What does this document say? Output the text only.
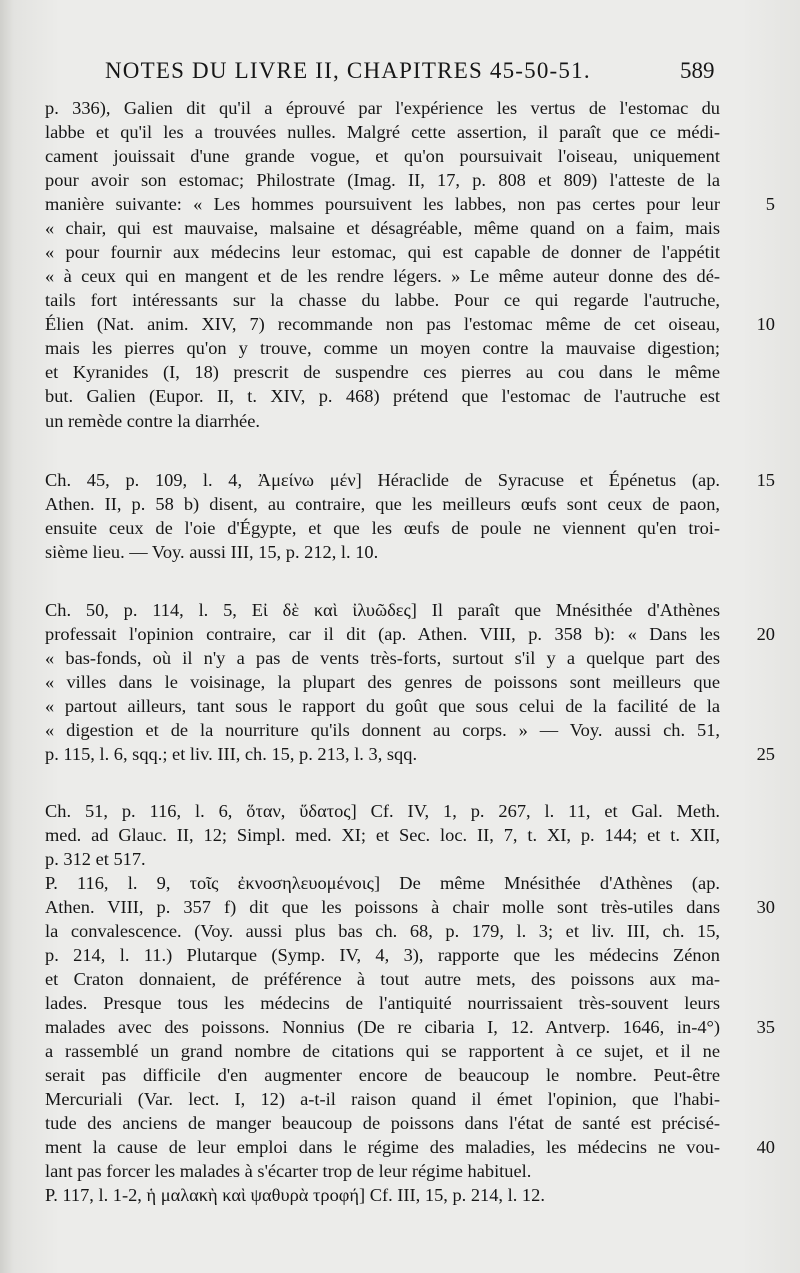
NOTES DU LIVRE II, CHAPITRES 45-50-51.	589
p. 336), Galien dit qu'il a éprouvé par l'expérience les vertus de l'estomac du
labbe et qu'il les a trouvées nulles. Malgré cette assertion, il paraît que ce médi-
cament jouissait d'une grande vogue, et qu'on poursuivait l'oiseau, uniquement
pour avoir son estomac; Philostrate (Imag. II, 17, p. 808 et 809) l'atteste de la
manière suivante: « Les hommes poursuivent les labbes, non pas certes pour leur
« chair, qui est mauvaise, malsaine et désagréable, même quand on a faim, mais
« pour fournir aux médecins leur estomac, qui est capable de donner de l'appétit
« à ceux qui en mangent et de les rendre légers. » Le même auteur donne des dé-
tails fort intéressants sur la chasse du labbe. Pour ce qui regarde l'autruche,
Élien (Nat. anim. XIV, 7) recommande non pas l'estomac même de cet oiseau,
mais les pierres qu'on y trouve, comme un moyen contre la mauvaise digestion;
et Kyranides (I, 18) prescrit de suspendre ces pierres au cou dans le même
but. Galien (Eupor. II, t. XIV, p. 468) prétend que l'estomac de l'autruche est
un remède contre la diarrhée.
Ch. 45, p. 109, l. 4, Ἀμείνω μέν] Héraclide de Syracuse et Épénetus (ap.
Athen. II, p. 58 b) disent, au contraire, que les meilleurs œufs sont ceux de paon,
ensuite ceux de l'oie d'Égypte, et que les œufs de poule ne viennent qu'en troi-
sième lieu. — Voy. aussi III, 15, p. 212, l. 10.
Ch. 50, p. 114, l. 5, Εἰ δὲ καὶ ἰλυῶδες] Il paraît que Mnésithée d'Athènes
professait l'opinion contraire, car il dit (ap. Athen. VIII, p. 358 b): « Dans les
« bas-fonds, où il n'y a pas de vents très-forts, surtout s'il y a quelque part des
« villes dans le voisinage, la plupart des genres de poissons sont meilleurs que
« partout ailleurs, tant sous le rapport du goût que sous celui de la facilité de la
« digestion et de la nourriture qu'ils donnent au corps. » — Voy. aussi ch. 51,
p. 115, l. 6, sqq.; et liv. III, ch. 15, p. 213, l. 3, sqq.
Ch. 51, p. 116, l. 6, ὅταν, ὕδατος] Cf. IV, 1, p. 267, l. 11, et Gal. Meth.
med. ad Glauc. II, 12; Simpl. med. XI; et Sec. loc. II, 7, t. XI, p. 144; et t. XII,
p. 312 et 517.
P. 116, l. 9, τοῖς ἐκνοσηλευομένοις] De même Mnésithée d'Athènes (ap.
Athen. VIII, p. 357 f) dit que les poissons à chair molle sont très-utiles dans
la convalescence. (Voy. aussi plus bas ch. 68, p. 179, l. 3; et liv. III, ch. 15,
p. 214, l. 11.) Plutarque (Symp. IV, 4, 3), rapporte que les médecins Zénon
et Craton donnaient, de préférence à tout autre mets, des poissons aux ma-
lades. Presque tous les médecins de l'antiquité nourrissaient très-souvent leurs
malades avec des poissons. Nonnius (De re cibaria I, 12. Antverp. 1646, in-4°)
a rassemblé un grand nombre de citations qui se rapportent à ce sujet, et il ne
serait pas difficile d'en augmenter encore de beaucoup le nombre. Peut-être
Mercuriali (Var. lect. I, 12) a-t-il raison quand il émet l'opinion, que l'habi-
tude des anciens de manger beaucoup de poissons dans l'état de santé est précisé-
ment la cause de leur emploi dans le régime des maladies, les médecins ne vou-
lant pas forcer les malades à s'écarter trop de leur régime habituel.
P. 117, l. 1-2, ἡ μαλακὴ καὶ ψαθυρὰ τροφή] Cf. III, 15, p. 214, l. 12.
5
10
15
20
25
30
35
40
